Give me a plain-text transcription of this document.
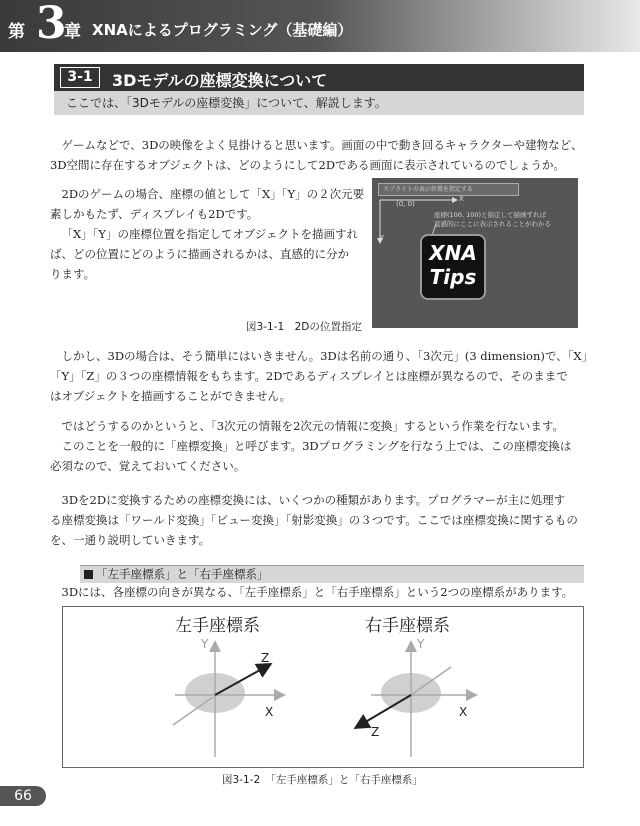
第 3
章 XNAによるプログラミング（基礎編）
3-1	3Dモデルの座標変換について
ここでは、「3Dモデルの座標変換」について、解説します。

ゲームなどで、3Dの映像をよく見掛けると思います。画面の中で動き回るキャラクターや建物など、
3D空間に存在するオブジェクトは、どのようにして2Dである画面に表示されているのでしょうか。

2Dのゲームの場合、座標の値として「X」「Y」の２次元要
素しかもたず、ディスプレイも2Dです。
「X」「Y」の座標位置を指定してオブジェクトを描画すれ
ば、どの位置にどのように描画されるかは、直感的に分か
ります。

スプライトの表示位置を指定する
(0, 0)
X
Y
座標(100, 100)と指定して描画すれば
直感的にここに表示されることがわかる
XNA
Tips
図3-1-1　2Dの位置指定

しかし、3Dの場合は、そう簡単にはいきません。3Dは名前の通り、「3次元」(3 dimension)で、「X」
「Y」「Z」の３つの座標情報をもちます。2Dであるディスプレイとは座標が異なるので、そのままで
はオブジェクトを描画することができません。

ではどうするのかというと、「3次元の情報を2次元の情報に変換」するという作業を行ないます。
このことを一般的に「座標変換」と呼びます。3Dプログラミングを行なう上では、この座標変換は
必須なので、覚えておいてください。

3Dを2Dに変換するための座標変換には、いくつかの種類があります。プログラマーが主に処理す
る座標変換は「ワールド変換」「ビュー変換」「射影変換」の３つです。ここでは座標変換に関するもの
を、一通り説明していきます。

「左手座標系」と「右手座標系」

3Dには、各座標の向きが異なる、「左手座標系」と「右手座標系」という2つの座標系があります。

左手座標系	右手座標系
Y
Z
X
Y
X
Z
図3-1-2　「左手座標系」と「右手座標系」
66
